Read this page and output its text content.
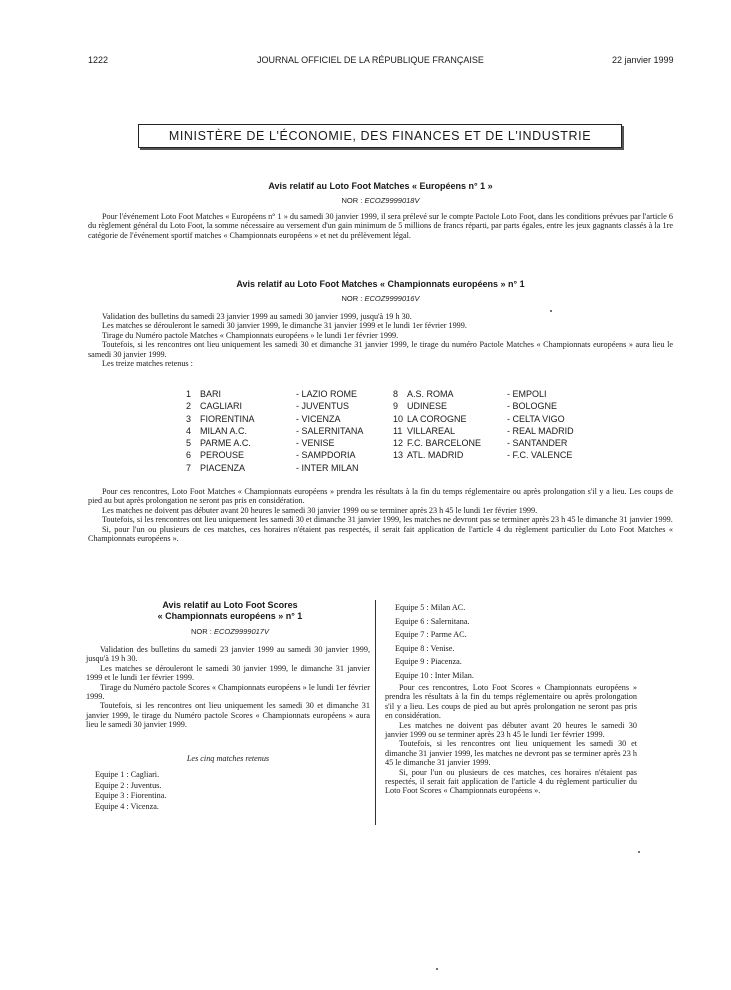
1222	JOURNAL OFFICIEL DE LA RÉPUBLIQUE FRANÇAISE	22 janvier 1999
MINISTÈRE DE L'ÉCONOMIE, DES FINANCES ET DE L'INDUSTRIE
Avis relatif au Loto Foot Matches « Européens n° 1 »
NOR : ECOZ9999018V

Pour l'événement Loto Foot Matches « Européens n° 1 » du samedi 30 janvier 1999, il sera prélevé sur le compte Pactole Loto Foot, dans les conditions prévues par l'article 6 du règlement général du Loto Foot, la somme nécessaire au versement d'un gain minimum de 5 millions de francs réparti, par parts égales, entre les jeux gagnants classés à la 1re catégorie de l'événement sportif matches « Championnats européens » et net du prélèvement légal.

Avis relatif au Loto Foot Matches « Championnats européens » n° 1
NOR : ECOZ9999016V

Validation des bulletins du samedi 23 janvier 1999 au samedi 30 janvier 1999, jusqu'à 19 h 30.

Les matches se dérouleront le samedi 30 janvier 1999, le dimanche 31 janvier 1999 et le lundi 1er février 1999.

Tirage du Numéro pactole Matches « Championnats européens » le lundi 1er février 1999.

Toutefois, si les rencontres ont lieu uniquement les samedi 30 et dimanche 31 janvier 1999, le tirage du numéro Pactole Matches « Championnats européens » aura lieu le samedi 30 janvier 1999.

Les treize matches retenus :

1 BARI	- LAZIO ROME
2 CAGLIARI	- JUVENTUS
3 FIORENTINA	- VICENZA
4 MILAN A.C.	- SALERNITANA
5 PARME A.C.	- VENISE
6 PEROUSE	- SAMPDORIA
7 PIACENZA	- INTER MILAN
8 A.S. ROMA	- EMPOLI
9 UDINESE	- BOLOGNE
10 LA COROGNE	- CELTA VIGO
11 VILLAREAL	- REAL MADRID
12 F.C. BARCELONE	- SANTANDER
13 ATL. MADRID	- F.C. VALENCE

Pour ces rencontres, Loto Foot Matches « Championnats européens » prendra les résultats à la fin du temps réglementaire ou après prolongation s'il y a lieu. Les coups de pied au but après prolongation ne seront pas pris en considération.

Les matches ne doivent pas débuter avant 20 heures le samedi 30 janvier 1999 ou se terminer après 23 h 45 le lundi 1er février 1999.

Toutefois, si les rencontres ont lieu uniquement les samedi 30 et dimanche 31 janvier 1999, les matches ne devront pas se terminer après 23 h 45 le dimanche 31 janvier 1999.

Si, pour l'un ou plusieurs de ces matches, ces horaires n'étaient pas respectés, il serait fait application de l'article 4 du règlement particulier du Loto Foot Matches « Championnats européens ».

Avis relatif au Loto Foot Scores
« Championnats européens » n° 1
NOR : ECOZ9999017V

Validation des bulletins du samedi 23 janvier 1999 au samedi 30 janvier 1999, jusqu'à 19 h 30.

Les matches se dérouleront le samedi 30 janvier 1999, le dimanche 31 janvier 1999 et le lundi 1er février 1999.

Tirage du Numéro pactole Scores « Championnats européens » le lundi 1er février 1999.

Toutefois, si les rencontres ont lieu uniquement les samedi 30 et dimanche 31 janvier 1999, le tirage du Numéro pactole Scores « Championnats européens » aura lieu le samedi 30 janvier 1999.

Les cinq matches retenus
Equipe 1 : Cagliari.
Equipe 2 : Juventus.
Equipe 3 : Fiorentina.
Equipe 4 : Vicenza.
Equipe 5 : Milan AC.
Equipe 6 : Salernitana.
Equipe 7 : Parme AC.
Equipe 8 : Venise.
Equipe 9 : Piacenza.
Equipe 10 : Inter Milan.

Pour ces rencontres, Loto Foot Scores « Championnats européens » prendra les résultats à la fin du temps réglementaire ou après prolongation s'il y a lieu. Les coups de pied au but après prolongation ne seront pas pris en considération.

Les matches ne doivent pas débuter avant 20 heures le samedi 30 janvier 1999 ou se terminer après 23 h 45 le lundi 1er février 1999.

Toutefois, si les rencontres ont lieu uniquement les samedi 30 et dimanche 31 janvier 1999, les matches ne devront pas se terminer après 23 h 45 le dimanche 31 janvier 1999.

Si, pour l'un ou plusieurs de ces matches, ces horaires n'étaient pas respectés, il serait fait application de l'article 4 du règlement particulier du Loto Foot Scores « Championnats européens ».
